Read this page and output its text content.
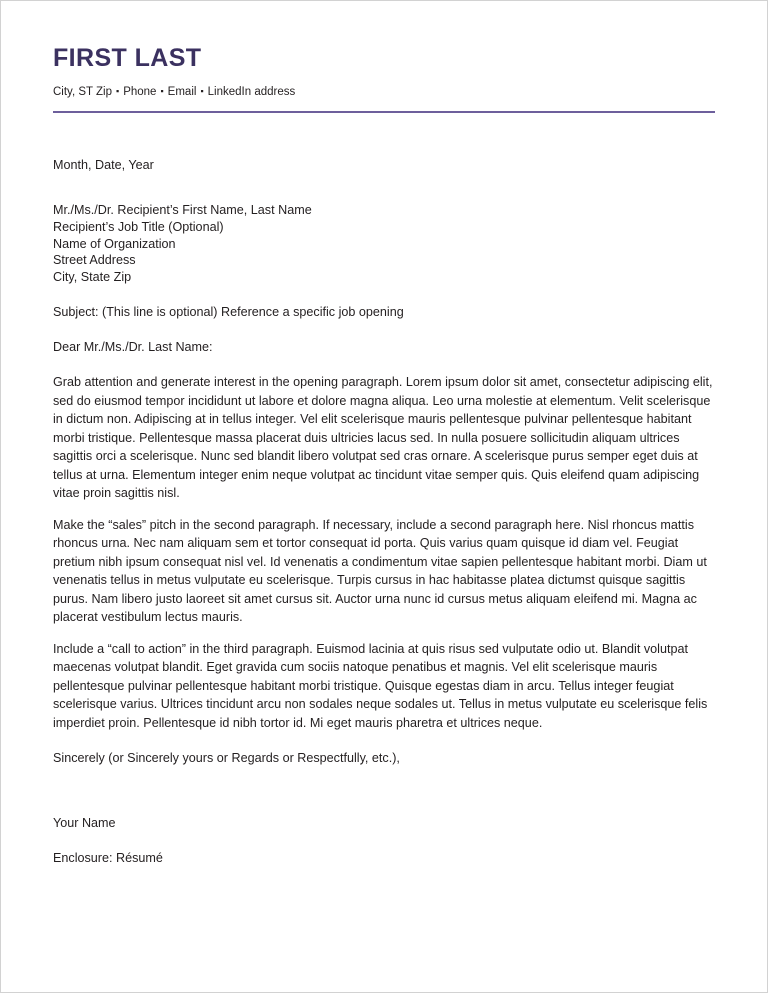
FIRST LAST

City, ST Zip ▪ Phone ▪ Email ▪ LinkedIn address

Month, Date, Year

Mr./Ms./Dr. Recipient’s First Name, Last Name

Recipient’s Job Title (Optional)

Name of Organization

Street Address

City, State Zip

Subject: (This line is optional) Reference a specific job opening

Dear Mr./Ms./Dr. Last Name:

Grab attention and generate interest in the opening paragraph. Lorem ipsum dolor sit amet, consectetur adipiscing elit, sed do eiusmod tempor incididunt ut labore et dolore magna aliqua. Leo urna molestie at elementum. Velit scelerisque in dictum non. Adipiscing at in tellus integer. Vel elit scelerisque mauris pellentesque pulvinar pellentesque habitant morbi tristique. Pellentesque massa placerat duis ultricies lacus sed. In nulla posuere sollicitudin aliquam ultrices sagittis orci a scelerisque. Nunc sed blandit libero volutpat sed cras ornare. A scelerisque purus semper eget duis at tellus at urna. Elementum integer enim neque volutpat ac tincidunt vitae semper quis. Quis eleifend quam adipiscing vitae proin sagittis nisl.

Make the “sales” pitch in the second paragraph. If necessary, include a second paragraph here. Nisl rhoncus mattis rhoncus urna. Nec nam aliquam sem et tortor consequat id porta. Quis varius quam quisque id diam vel. Feugiat pretium nibh ipsum consequat nisl vel. Id venenatis a condimentum vitae sapien pellentesque habitant morbi. Diam ut venenatis tellus in metus vulputate eu scelerisque. Turpis cursus in hac habitasse platea dictumst quisque sagittis purus. Nam libero justo laoreet sit amet cursus sit. Auctor urna nunc id cursus metus aliquam eleifend mi. Magna ac placerat vestibulum lectus mauris.

Include a “call to action” in the third paragraph. Euismod lacinia at quis risus sed vulputate odio ut. Blandit volutpat maecenas volutpat blandit. Eget gravida cum sociis natoque penatibus et magnis. Vel elit scelerisque mauris pellentesque pulvinar pellentesque habitant morbi tristique. Quisque egestas diam in arcu. Tellus integer feugiat scelerisque varius. Ultrices tincidunt arcu non sodales neque sodales ut. Tellus in metus vulputate eu scelerisque felis imperdiet proin. Pellentesque id nibh tortor id. Mi eget mauris pharetra et ultrices neque.

Sincerely (or Sincerely yours or Regards or Respectfully, etc.),

Your Name

Enclosure: Résumé
